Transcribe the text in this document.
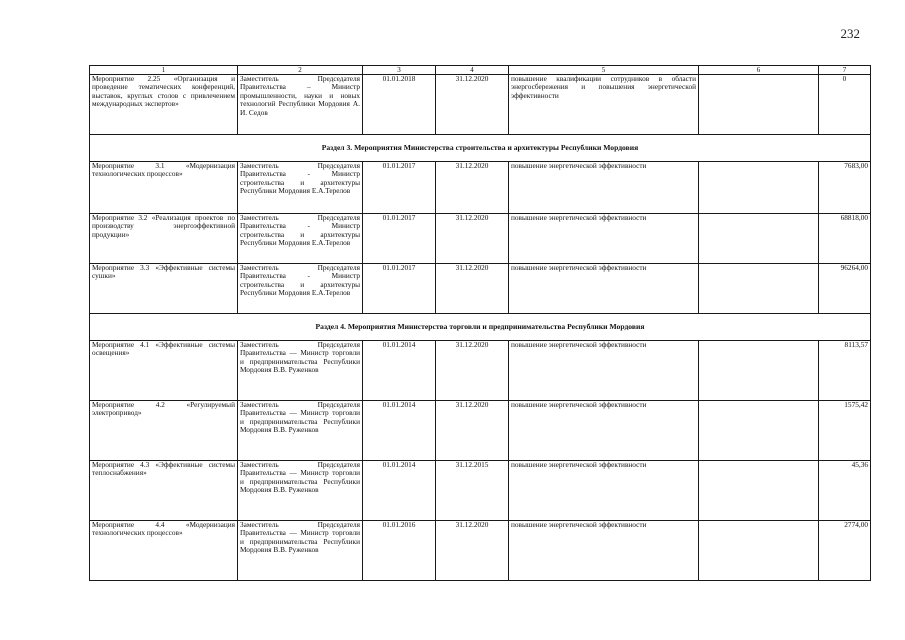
232
1	2	3	4	5	6	7
Мероприятие 2.25 «Организация и проведение тематических конференций, выставок, круглых столов с привлечением международных экспертов»	Заместитель Председателя Правительства – Министр промышленности, науки и новых технологий Республики Мордовия А. И. Седов	01.01.2018	31.12.2020	повышение квалификации сотрудников в области энергосбережения и повышения энергетической эффективности		0
Раздел 3. Мероприятия Министерства строительства и архитектуры Республики Мордовия						
Мероприятие 3.1 «Модернизация технологических процессов»	Заместитель Председателя Правительства - Министр строительства и архитектуры Республики Мордовия Е.А.Терелов	01.01.2017	31.12.2020	повышение энергетической эффективности		7683,00
Мероприятие 3.2 «Реализация проектов по производству энергоэффективной продукции»	Заместитель Председателя Правительства - Министр строительства и архитектуры Республики Мордовия Е.А.Терелов	01.01.2017	31.12.2020	повышение энергетической эффективности		68818,00
Мероприятие 3.3 «Эффективные системы сушки»	Заместитель Председателя Правительства - Министр строительства и архитектуры Республики Мордовия Е.А.Терелов	01.01.2017	31.12.2020	повышение энергетической эффективности		96264,00
Раздел 4. Мероприятия Министерства торговли и предпринимательства Республики Мордовия						
Мероприятие 4.1 «Эффективные системы освещения»	Заместитель Председателя Правительства — Министр торговли и предпринимательства Республики Мордовия В.В. Руженков	01.01.2014	31.12.2020	повышение энергетической эффективности		8113,57
Мероприятие 4.2 «Регулируемый электропривод»	Заместитель Председателя Правительства — Министр торговли и предпринимательства Республики Мордовия В.В. Руженков	01.01.2014	31.12.2020	повышение энергетической эффективности		1575,42
Мероприятие 4.3 «Эффективные системы теплоснабжения»	Заместитель Председателя Правительства — Министр торговли и предпринимательства Республики Мордовия В.В. Руженков	01.01.2014	31.12.2015	повышение энергетической эффективности		45,36
Мероприятие 4.4 «Модернизация технологических процессов»	Заместитель Председателя Правительства — Министр торговли и предпринимательства Республики Мордовия В.В. Руженков	01.01.2016	31.12.2020	повышение энергетической эффективности		2774,00
